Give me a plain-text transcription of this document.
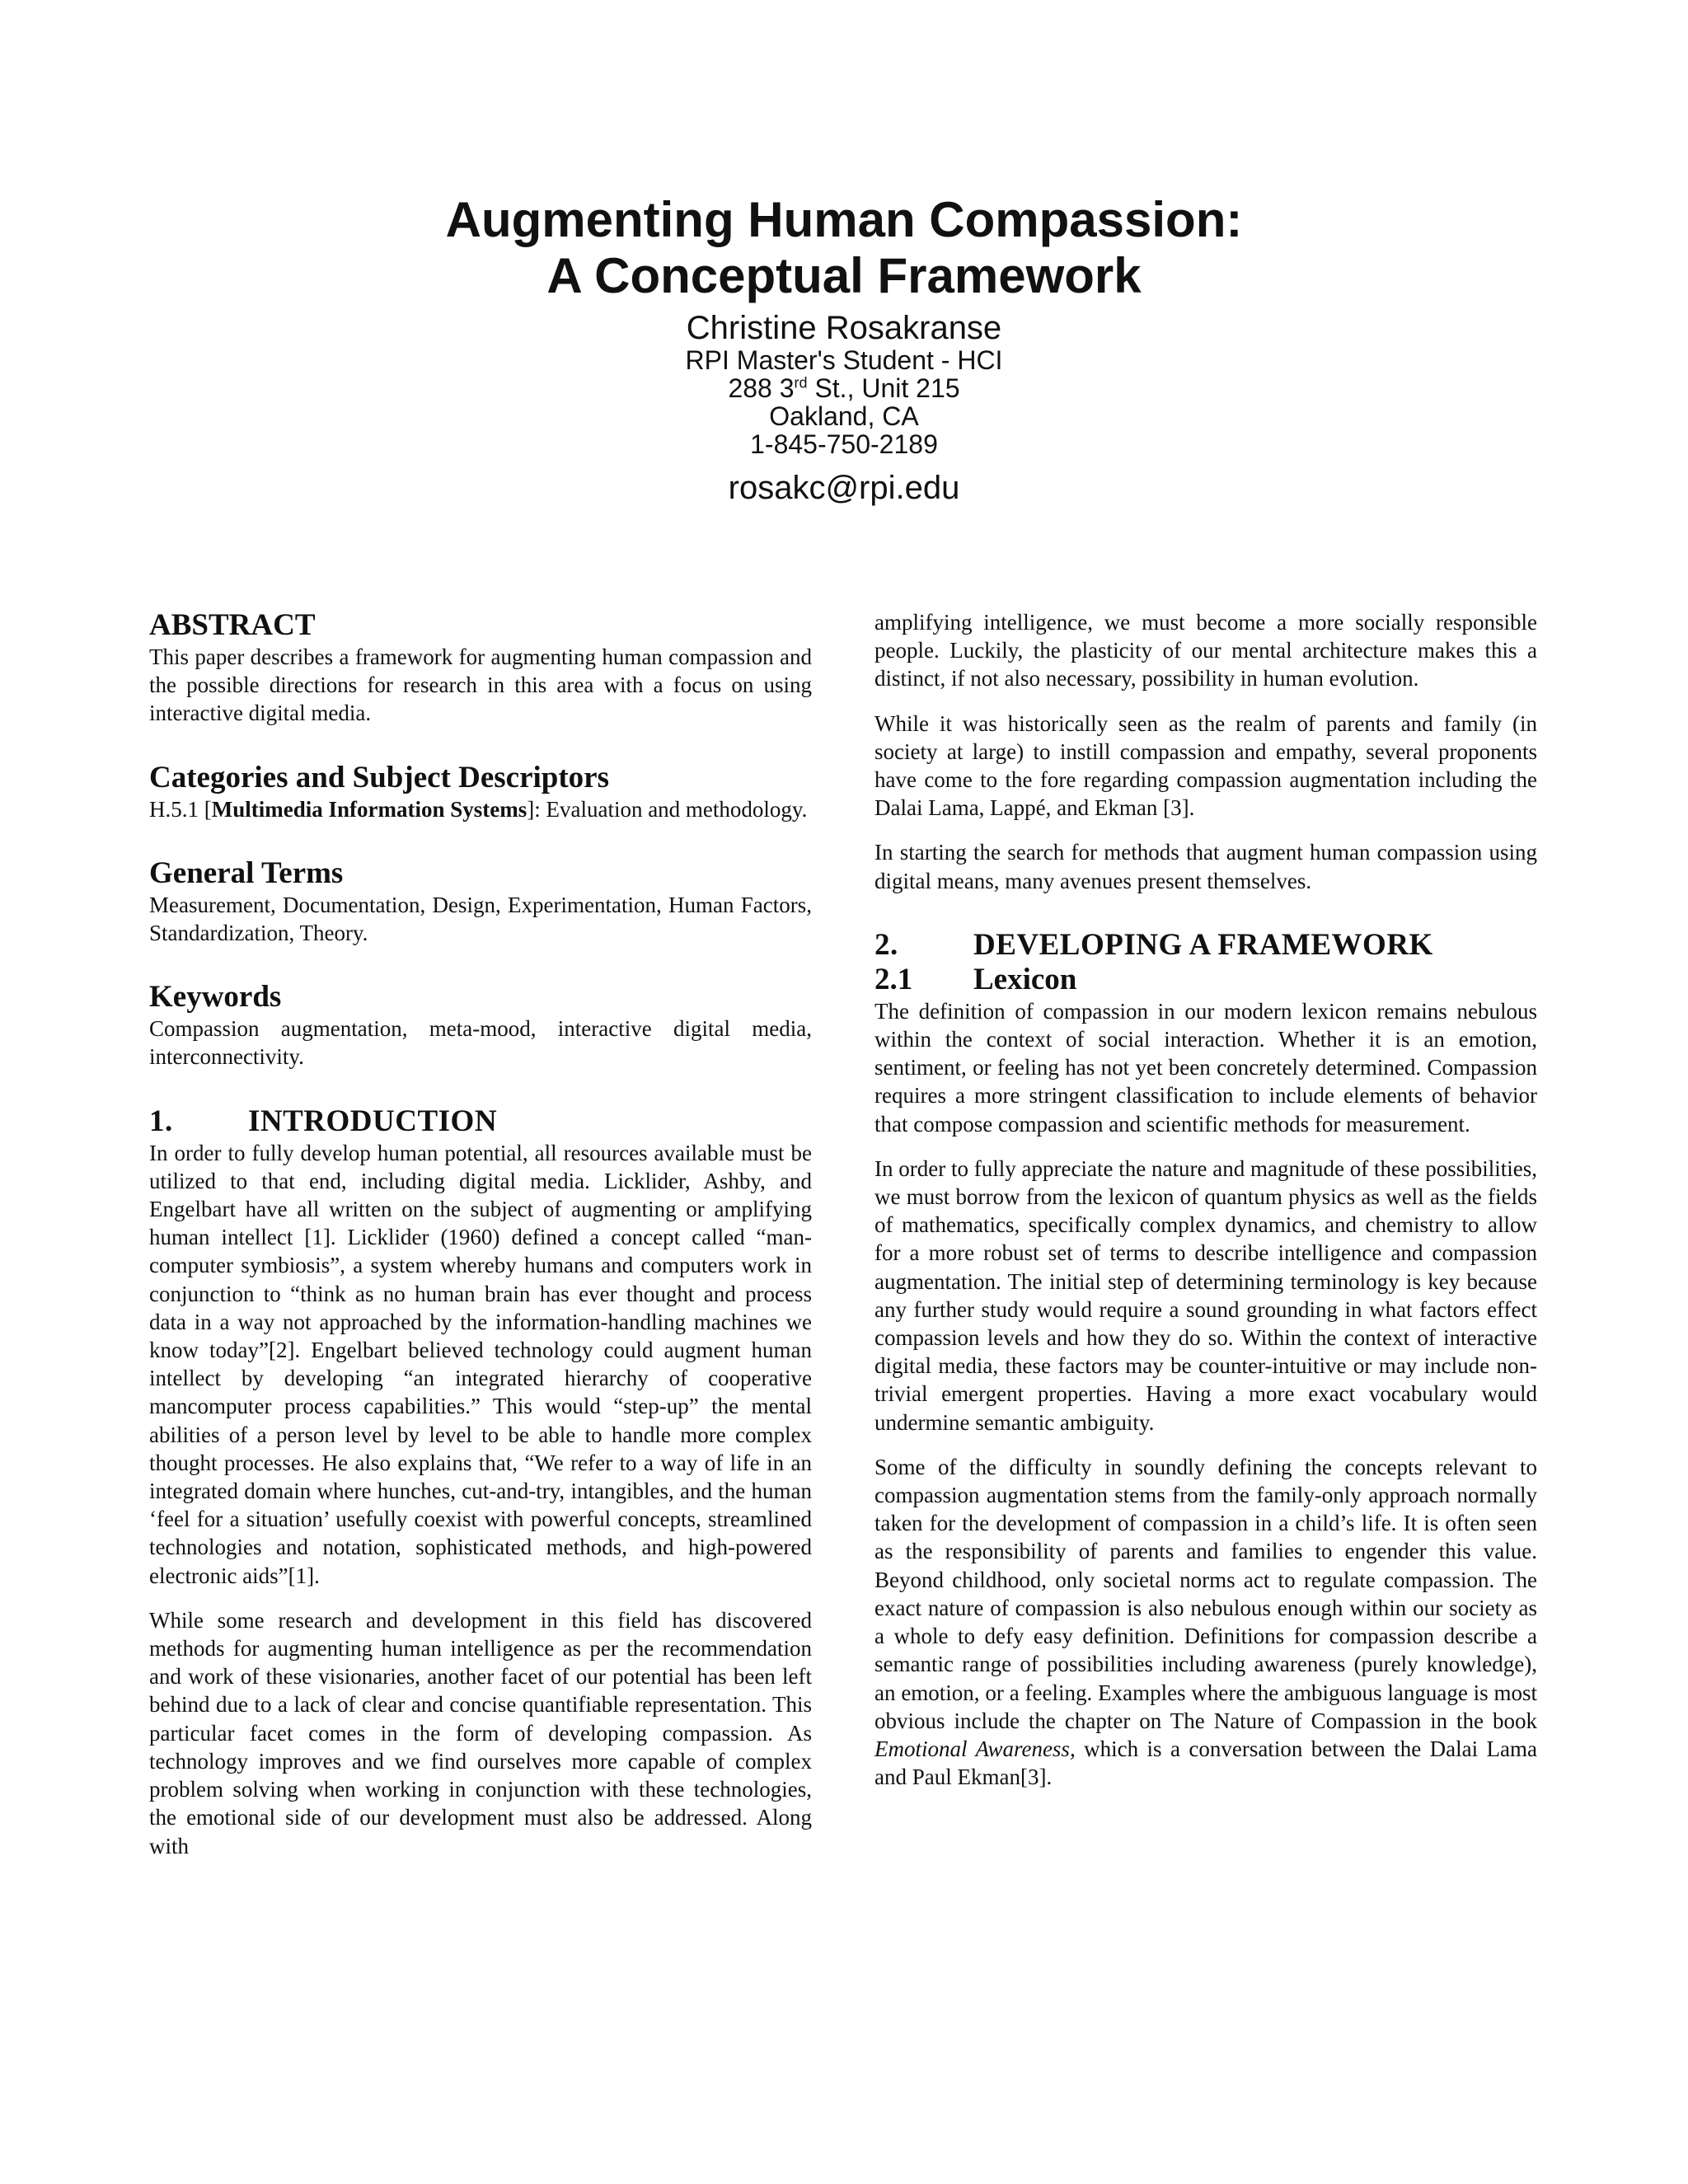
Augmenting Human Compassion:
A Conceptual Framework
Christine Rosakranse
RPI Master's Student - HCI
288 3rd St., Unit 215
Oakland, CA
1-845-750-2189
rosakc@rpi.edu
ABSTRACT

This paper describes a framework for augmenting human compassion and the possible directions for research in this area with a focus on using interactive digital media.

Categories and Subject Descriptors

H.5.1 [Multimedia Information Systems]: Evaluation and methodology.

General Terms

Measurement, Documentation, Design, Experimentation, Human Factors, Standardization, Theory.

Keywords

Compassion augmentation, meta-mood, interactive digital media, interconnectivity.

1. INTRODUCTION

In order to fully develop human potential, all resources available must be utilized to that end, including digital media. Licklider, Ashby, and Engelbart have all written on the subject of augmenting or amplifying human intellect [1]. Licklider (1960) defined a concept called “man-computer symbiosis”, a system whereby humans and computers work in conjunction to “think as no human brain has ever thought and process data in a way not approached by the information-handling machines we know today”[2]. Engelbart believed technology could augment human intellect by developing “an integrated hierarchy of cooperative mancomputer process capabilities.” This would “step-up” the mental abilities of a person level by level to be able to handle more complex thought processes. He also explains that, “We refer to a way of life in an integrated domain where hunches, cut-and-try, intangibles, and the human ‘feel for a situation’ usefully coexist with powerful concepts, streamlined technologies and notation, sophisticated methods, and high-powered electronic aids”[1].

While some research and development in this field has discovered methods for augmenting human intelligence as per the recommendation and work of these visionaries, another facet of our potential has been left behind due to a lack of clear and concise quantifiable representation. This particular facet comes in the form of developing compassion. As technology improves and we find ourselves more capable of complex problem solving when working in conjunction with these technologies, the emotional side of our development must also be addressed. Along with

amplifying intelligence, we must become a more socially responsible people. Luckily, the plasticity of our mental architecture makes this a distinct, if not also necessary, possibility in human evolution.

While it was historically seen as the realm of parents and family (in society at large) to instill compassion and empathy, several proponents have come to the fore regarding compassion augmentation including the Dalai Lama, Lappé, and Ekman [3].

In starting the search for methods that augment human compassion using digital means, many avenues present themselves.

2. DEVELOPING A FRAMEWORK
2.1 Lexicon

The definition of compassion in our modern lexicon remains nebulous within the context of social interaction. Whether it is an emotion, sentiment, or feeling has not yet been concretely determined. Compassion requires a more stringent classification to include elements of behavior that compose compassion and scientific methods for measurement.

In order to fully appreciate the nature and magnitude of these possibilities, we must borrow from the lexicon of quantum physics as well as the fields of mathematics, specifically complex dynamics, and chemistry to allow for a more robust set of terms to describe intelligence and compassion augmentation. The initial step of determining terminology is key because any further study would require a sound grounding in what factors effect compassion levels and how they do so. Within the context of interactive digital media, these factors may be counter-intuitive or may include non-trivial emergent properties. Having a more exact vocabulary would undermine semantic ambiguity.

Some of the difficulty in soundly defining the concepts relevant to compassion augmentation stems from the family-only approach normally taken for the development of compassion in a child’s life. It is often seen as the responsibility of parents and families to engender this value. Beyond childhood, only societal norms act to regulate compassion. The exact nature of compassion is also nebulous enough within our society as a whole to defy easy definition. Definitions for compassion describe a semantic range of possibilities including awareness (purely knowledge), an emotion, or a feeling. Examples where the ambiguous language is most obvious include the chapter on The Nature of Compassion in the book Emotional Awareness, which is a conversation between the Dalai Lama and Paul Ekman[3].
